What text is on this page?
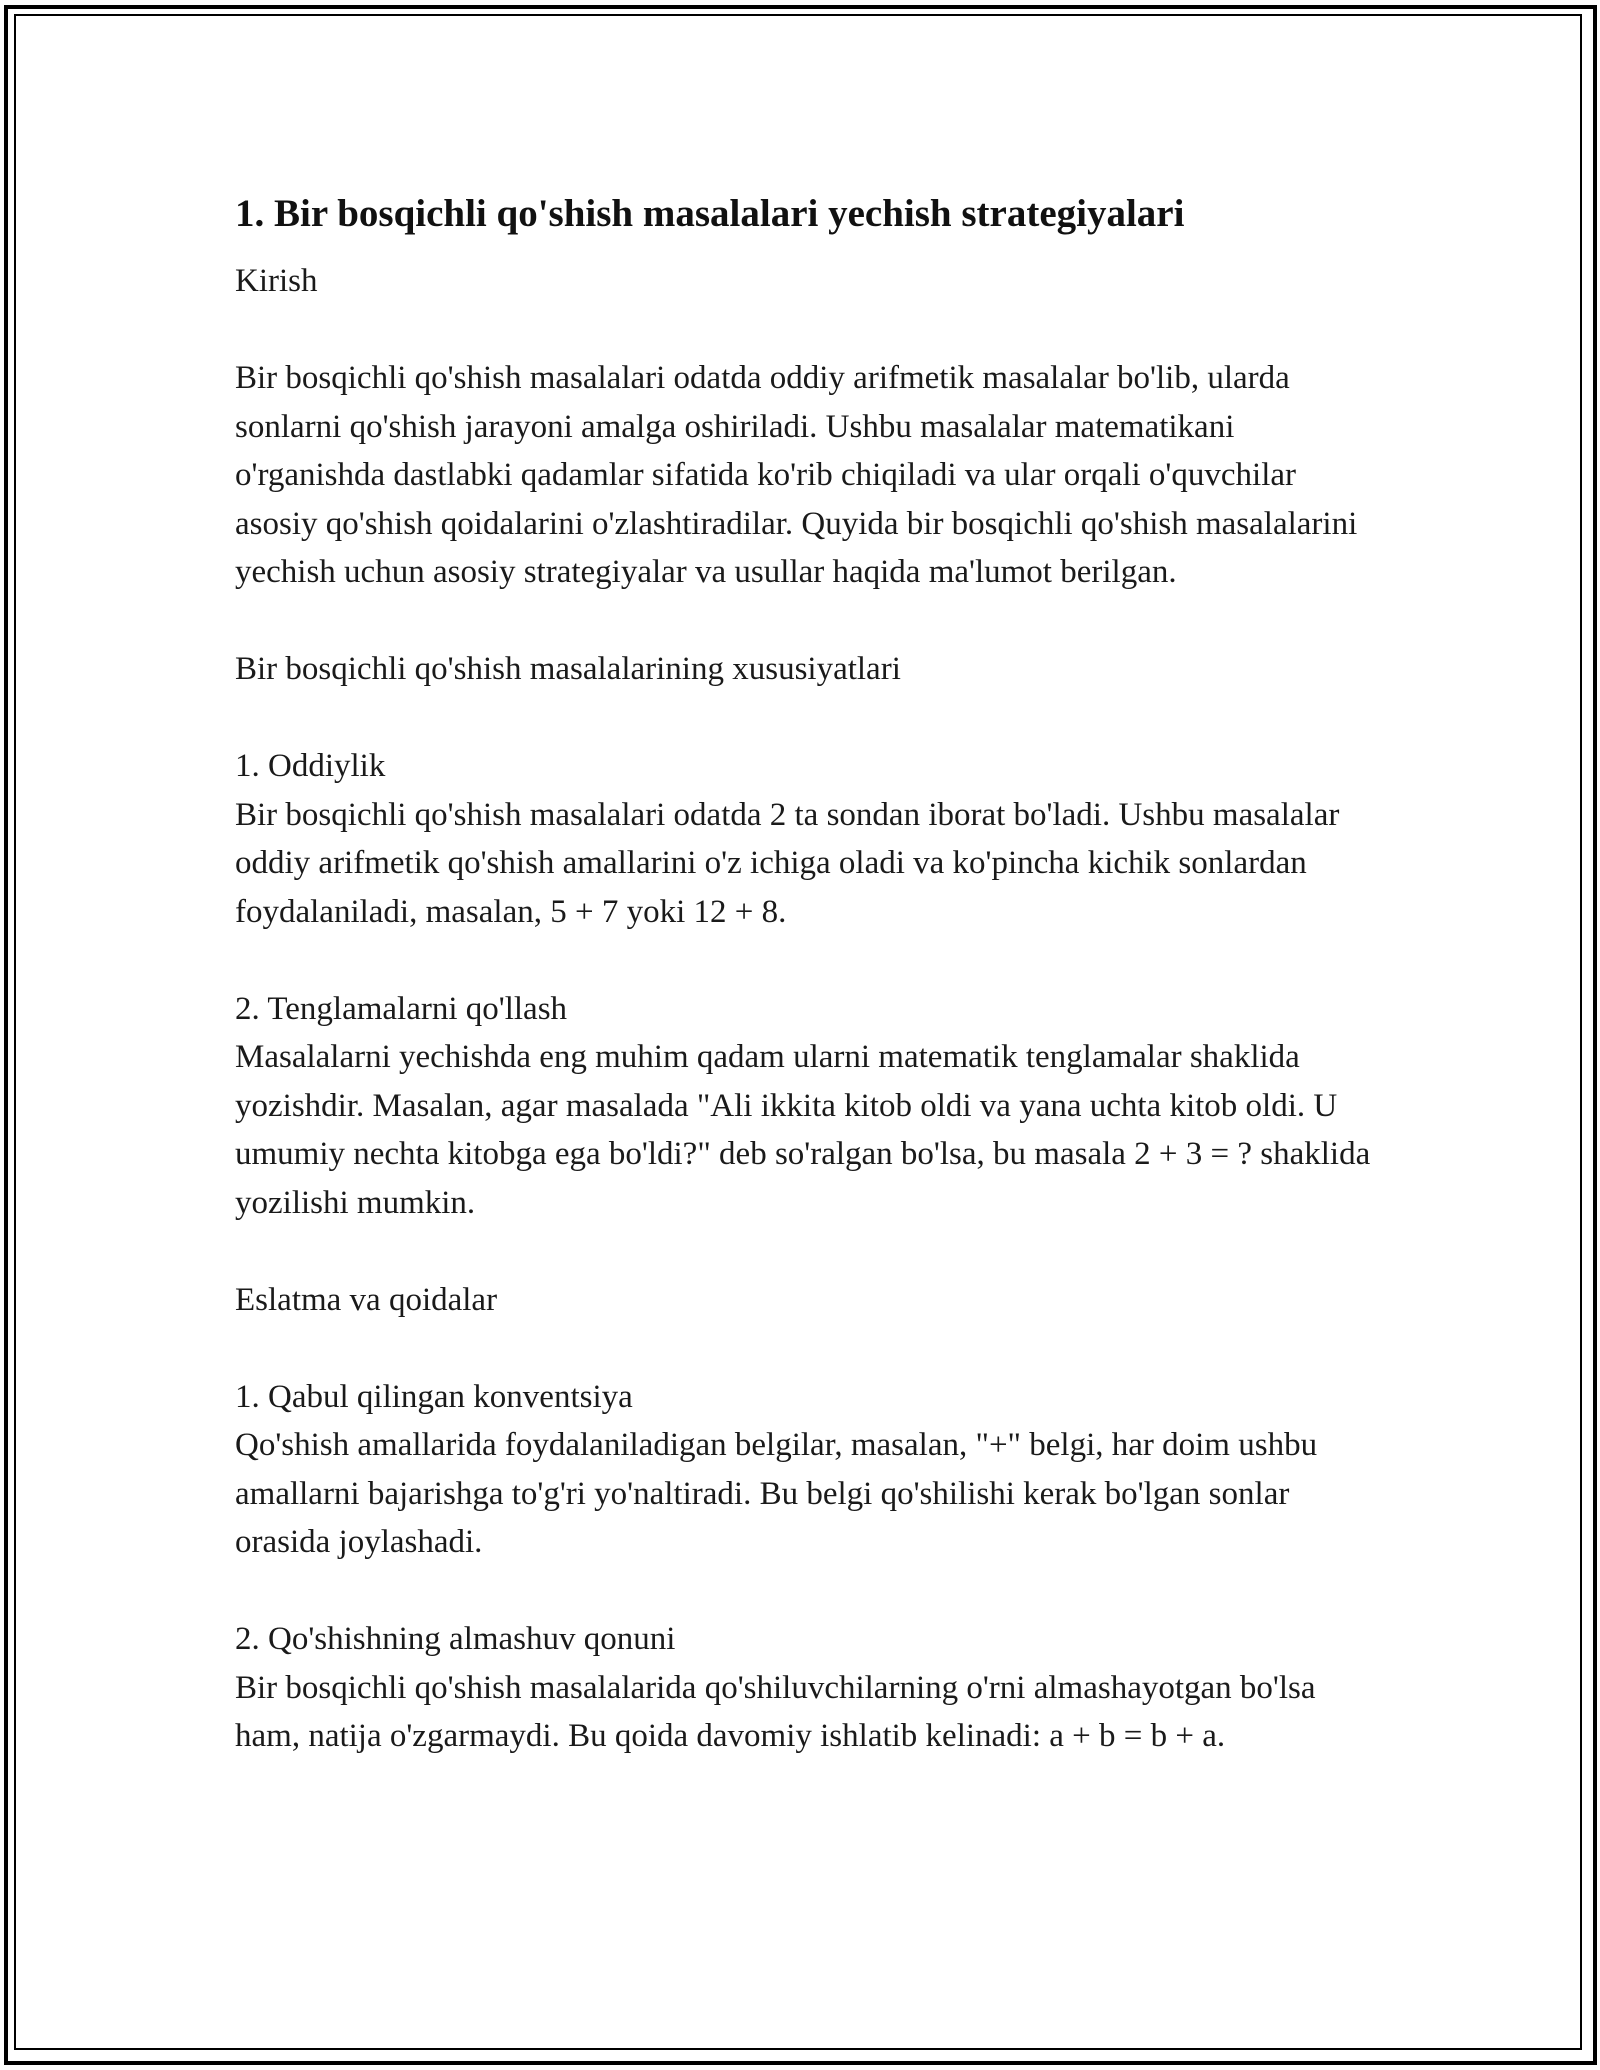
1. Bir bosqichli qo'shish masalalari yechish strategiyalari

Kirish

Bir bosqichli qo'shish masalalari odatda oddiy arifmetik masalalar bo'lib, ularda sonlarni qo'shish jarayoni amalga oshiriladi. Ushbu masalalar matematikani o'rganishda dastlabki qadamlar sifatida ko'rib chiqiladi va ular orqali o'quvchilar asosiy qo'shish qoidalarini o'zlashtiradilar. Quyida bir bosqichli qo'shish masalalarini yechish uchun asosiy strategiyalar va usullar haqida ma'lumot berilgan.

Bir bosqichli qo'shish masalalarining xususiyatlari

1. Oddiylik
Bir bosqichli qo'shish masalalari odatda 2 ta sondan iborat bo'ladi. Ushbu masalalar oddiy arifmetik qo'shish amallarini o'z ichiga oladi va ko'pincha kichik sonlardan foydalaniladi, masalan, 5 + 7 yoki 12 + 8.
2. Tenglamalarni qo'llash
Masalalarni yechishda eng muhim qadam ularni matematik tenglamalar shaklida yozishdir. Masalan, agar masalada "Ali ikkita kitob oldi va yana uchta kitob oldi. U umumiy nechta kitobga ega bo'ldi?" deb so'ralgan bo'lsa, bu masala 2 + 3 = ? shaklida yozilishi mumkin.

Eslatma va qoidalar

1. Qabul qilingan konventsiya
Qo'shish amallarida foydalaniladigan belgilar, masalan, "+" belgi, har doim ushbu amallarni bajarishga to'g'ri yo'naltiradi. Bu belgi qo'shilishi kerak bo'lgan sonlar orasida joylashadi.
2. Qo'shishning almashuv qonuni
Bir bosqichli qo'shish masalalarida qo'shiluvchilarning o'rni almashayotgan bo'lsa ham, natija o'zgarmaydi. Bu qoida davomiy ishlatib kelinadi: a + b = b + a.
